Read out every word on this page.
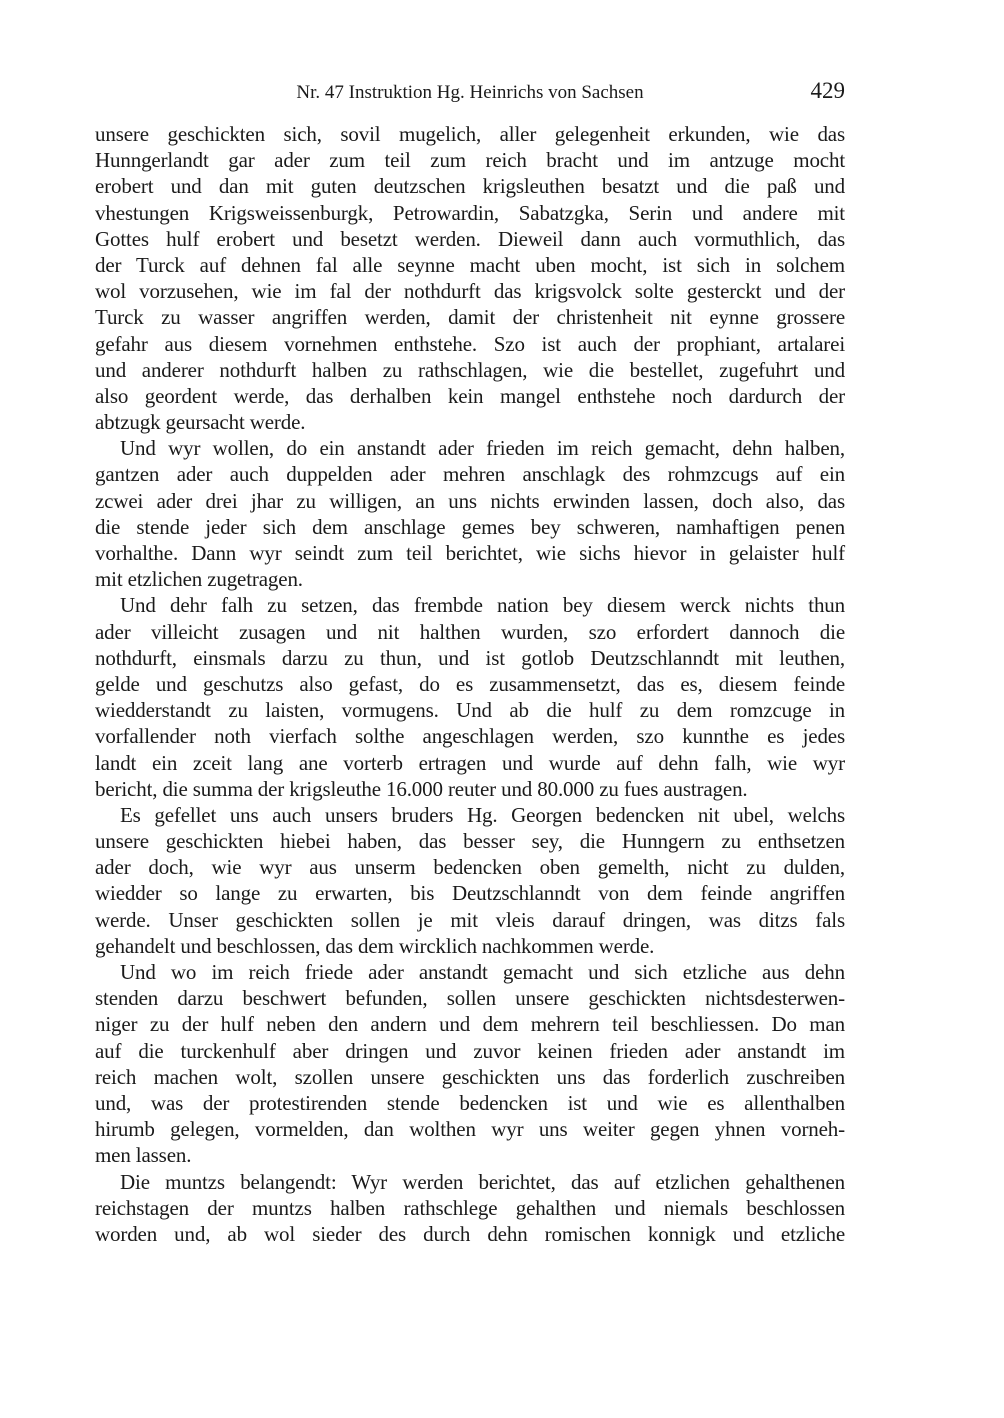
Nr. 47 Instruktion Hg. Heinrichs von Sachsen	429
unsere geschickten sich, sovil mugelich, aller gelegenheit erkunden, wie das
Hunngerlandt gar ader zum teil zum reich bracht und im antzuge mocht
erobert und dan mit guten deutzschen krigsleuthen besatzt und die paß und
vhestungen Krigsweissenburgk, Petrowardin, Sabatzgka, Serin und andere mit
Gottes hulf erobert und besetzt werden. Dieweil dann auch vormuthlich, das
der Turck auf dehnen fal alle seynne macht uben mocht, ist sich in solchem
wol vorzusehen, wie im fal der nothdurft das krigsvolck solte gesterckt und der
Turck zu wasser angriffen werden, damit der christenheit nit eynne grossere
gefahr aus diesem vornehmen enthstehe. Szo ist auch der prophiant, artalarei
und anderer nothdurft halben zu rathschlagen, wie die bestellet, zugefuhrt und
also geordent werde, das derhalben kein mangel enthstehe noch dardurch der
abtzugk geursacht werde.
Und wyr wollen, do ein anstandt ader frieden im reich gemacht, dehn halben,
gantzen ader auch duppelden ader mehren anschlagk des rohmzcugs auf ein
zcwei ader drei jhar zu willigen, an uns nichts erwinden lassen, doch also, das
die stende jeder sich dem anschlage gemes bey schweren, namhaftigen penen
vorhalthe. Dann wyr seindt zum teil berichtet, wie sichs hievor in gelaister hulf
mit etzlichen zugetragen.
Und dehr falh zu setzen, das frembde nation bey diesem werck nichts thun
ader villeicht zusagen und nit halthen wurden, szo erfordert dannoch die
nothdurft, einsmals darzu zu thun, und ist gotlob Deutzschlanndt mit leuthen,
gelde und geschutzs also gefast, do es zusammensetzt, das es, diesem feinde
wiedderstandt zu laisten, vormugens. Und ab die hulf zu dem romzcuge in
vorfallender noth vierfach solthe angeschlagen werden, szo kunnthe es jedes
landt ein zceit lang ane vorterb ertragen und wurde auf dehn falh, wie wyr
bericht, die summa der krigsleuthe 16.000 reuter und 80.000 zu fues austragen.
Es gefellet uns auch unsers bruders Hg. Georgen bedencken nit ubel, welchs
unsere geschickten hiebei haben, das besser sey, die Hunngern zu enthsetzen
ader doch, wie wyr aus unserm bedencken oben gemelth, nicht zu dulden,
wiedder so lange zu erwarten, bis Deutzschlanndt von dem feinde angriffen
werde. Unser geschickten sollen je mit vleis darauf dringen, was ditzs fals
gehandelt und beschlossen, das dem wircklich nachkommen werde.
Und wo im reich friede ader anstandt gemacht und sich etzliche aus dehn
stenden darzu beschwert befunden, sollen unsere geschickten nichtsdesterwen-
niger zu der hulf neben den andern und dem mehrern teil beschliessen. Do man
auf die turckenhulf aber dringen und zuvor keinen frieden ader anstandt im
reich machen wolt, szollen unsere geschickten uns das forderlich zuschreiben
und, was der protestirenden stende bedencken ist und wie es allenthalben
hirumb gelegen, vormelden, dan wolthen wyr uns weiter gegen yhnen vorneh-
men lassen.
Die muntzs belangendt: Wyr werden berichtet, das auf etzlichen gehalthenen
reichstagen der muntzs halben rathschlege gehalthen und niemals beschlossen
worden und, ab wol sieder des durch dehn romischen konnigk und etzliche
